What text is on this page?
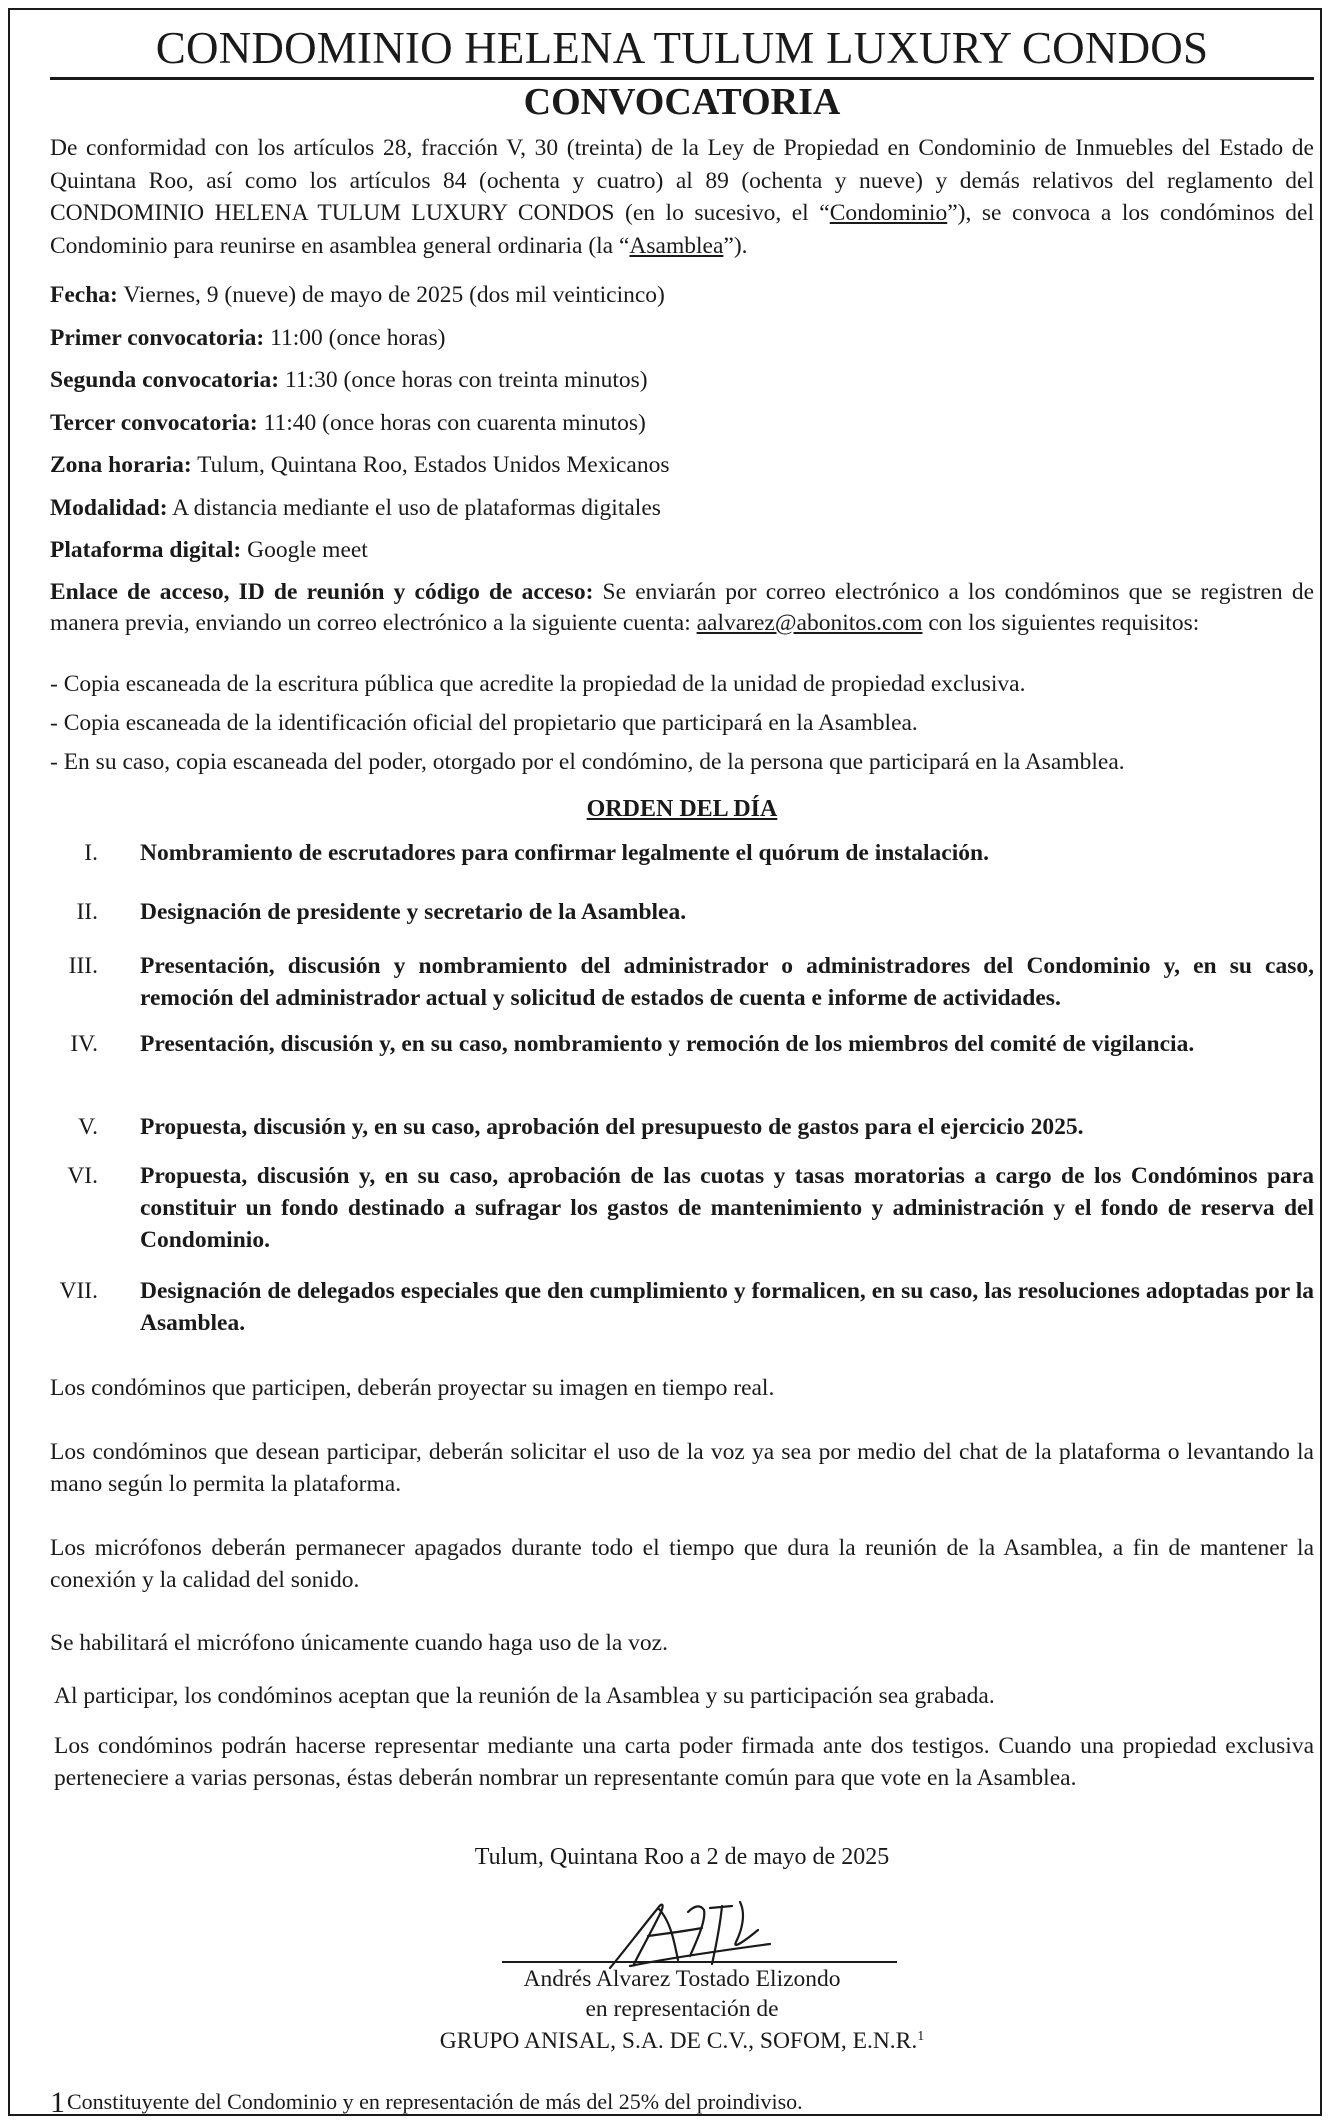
CONDOMINIO HELENA TULUM LUXURY CONDOS
CONVOCATORIA
De conformidad con los artículos 28, fracción V, 30 (treinta) de la Ley de Propiedad en Condominio de Inmuebles del Estado de Quintana Roo, así como los artículos 84 (ochenta y cuatro) al 89 (ochenta y nueve) y demás relativos del reglamento del CONDOMINIO HELENA TULUM LUXURY CONDOS (en lo sucesivo, el “Condominio”), se convoca a los condóminos del Condominio para reunirse en asamblea general ordinaria (la “Asamblea”).
Fecha: Viernes, 9 (nueve) de mayo de 2025 (dos mil veinticinco)
Primer convocatoria: 11:00 (once horas)
Segunda convocatoria: 11:30 (once horas con treinta minutos)
Tercer convocatoria: 11:40 (once horas con cuarenta minutos)
Zona horaria: Tulum, Quintana Roo, Estados Unidos Mexicanos
Modalidad: A distancia mediante el uso de plataformas digitales
Plataforma digital: Google meet
Enlace de acceso, ID de reunión y código de acceso: Se enviarán por correo electrónico a los condóminos que se registren de manera previa, enviando un correo electrónico a la siguiente cuenta: aalvarez@abonitos.com con los siguientes requisitos:
- Copia escaneada de la escritura pública que acredite la propiedad de la unidad de propiedad exclusiva.
- Copia escaneada de la identificación oficial del propietario que participará en la Asamblea.
- En su caso, copia escaneada del poder, otorgado por el condómino, de la persona que participará en la Asamblea.
ORDEN DEL DÍA
I. Nombramiento de escrutadores para confirmar legalmente el quórum de instalación.
II. Designación de presidente y secretario de la Asamblea.
III. Presentación, discusión y nombramiento del administrador o administradores del Condominio y, en su caso, remoción del administrador actual y solicitud de estados de cuenta e informe de actividades.
IV. Presentación, discusión y, en su caso, nombramiento y remoción de los miembros del comité de vigilancia.
V. Propuesta, discusión y, en su caso, aprobación del presupuesto de gastos para el ejercicio 2025.
VI. Propuesta, discusión y, en su caso, aprobación de las cuotas y tasas moratorias a cargo de los Condóminos para constituir un fondo destinado a sufragar los gastos de mantenimiento y administración y el fondo de reserva del Condominio.
VII. Designación de delegados especiales que den cumplimiento y formalicen, en su caso, las resoluciones adoptadas por la Asamblea.
Los condóminos que participen, deberán proyectar su imagen en tiempo real.
Los condóminos que desean participar, deberán solicitar el uso de la voz ya sea por medio del chat de la plataforma o levantando la mano según lo permita la plataforma.
Los micrófonos deberán permanecer apagados durante todo el tiempo que dura la reunión de la Asamblea, a fin de mantener la conexión y la calidad del sonido.
Se habilitará el micrófono únicamente cuando haga uso de la voz.
Al participar, los condóminos aceptan que la reunión de la Asamblea y su participación sea grabada.
Los condóminos podrán hacerse representar mediante una carta poder firmada ante dos testigos. Cuando una propiedad exclusiva perteneciere a varias personas, éstas deberán nombrar un representante común para que vote en la Asamblea.
Tulum, Quintana Roo a 2 de mayo de 2025
Andrés Alvarez Tostado Elizondo
en representación de
GRUPO ANISAL, S.A. DE C.V., SOFOM, E.N.R.$^1$
1Constituyente del Condominio y en representación de más del 25% del proindiviso.
